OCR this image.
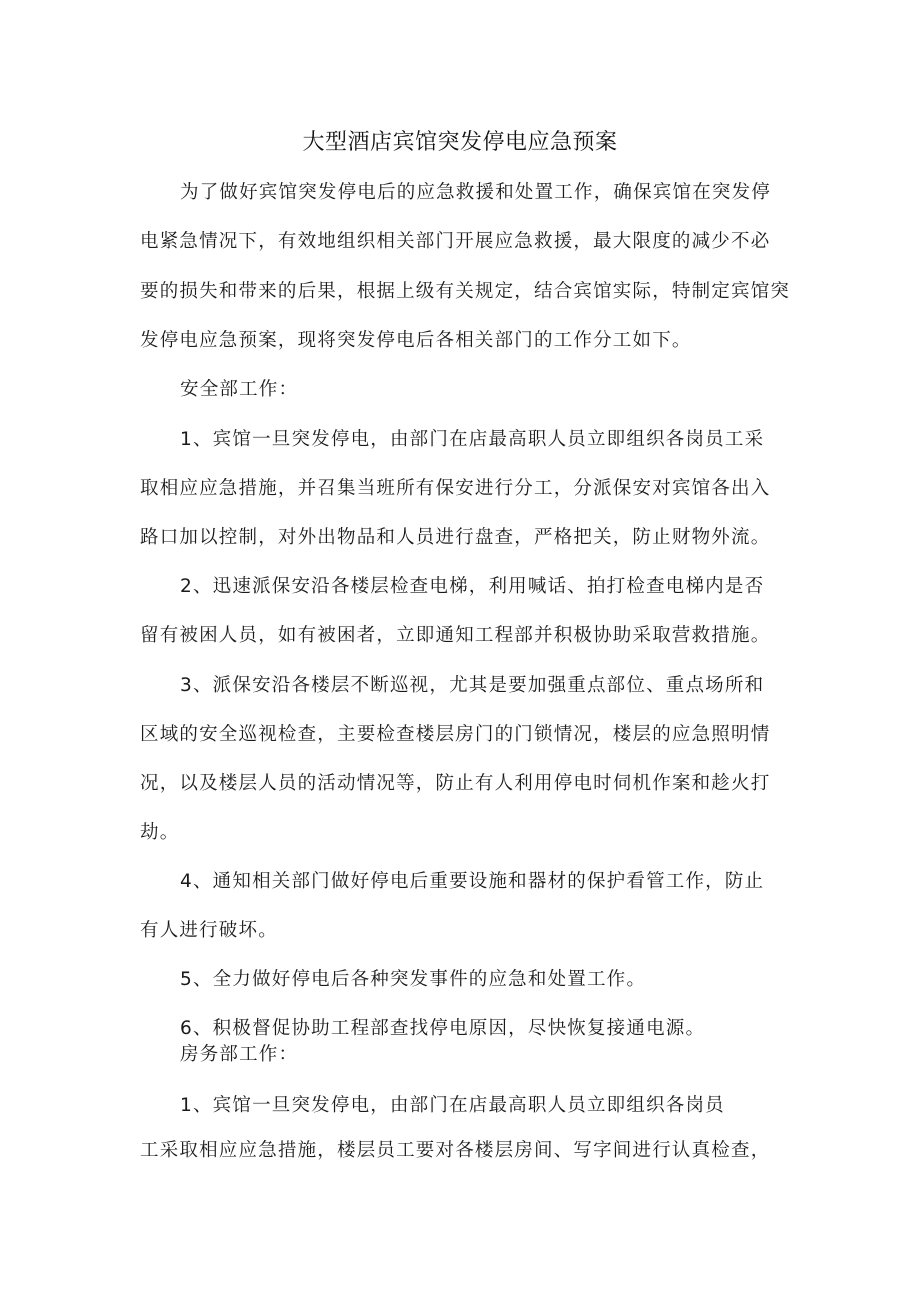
大型酒店宾馆突发停电应急预案
为了做好宾馆突发停电后的应急救援和处置工作，确保宾馆在突发停
电紧急情况下，有效地组织相关部门开展应急救援，最大限度的减少不必
要的损失和带来的后果，根据上级有关规定，结合宾馆实际，特制定宾馆突
发停电应急预案，现将突发停电后各相关部门的工作分工如下。
安全部工作：
1、宾馆一旦突发停电，由部门在店最高职人员立即组织各岗员工采
取相应应急措施，并召集当班所有保安进行分工，分派保安对宾馆各出入
路口加以控制，对外出物品和人员进行盘查，严格把关，防止财物外流。
2、迅速派保安沿各楼层检查电梯，利用喊话、拍打检查电梯内是否
留有被困人员，如有被困者，立即通知工程部并积极协助采取营救措施。
3、派保安沿各楼层不断巡视，尤其是要加强重点部位、重点场所和
区域的安全巡视检查，主要检查楼层房门的门锁情况，楼层的应急照明情
况，以及楼层人员的活动情况等，防止有人利用停电时伺机作案和趁火打
劫。
4、通知相关部门做好停电后重要设施和器材的保护看管工作，防止
有人进行破坏。
5、全力做好停电后各种突发事件的应急和处置工作。
6、积极督促协助工程部查找停电原因，尽快恢复接通电源。
房务部工作：
1、宾馆一旦突发停电，由部门在店最高职人员立即组织各岗员
工采取相应应急措施，楼层员工要对各楼层房间、写字间进行认真检查，
